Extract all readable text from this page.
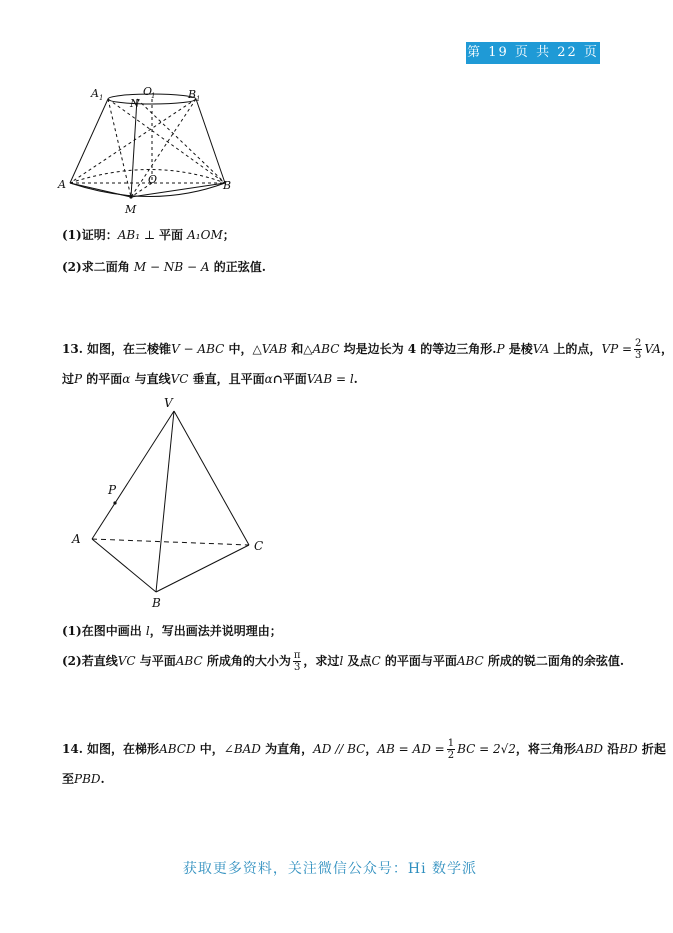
第 19 页 共 22 页
A 1	O
1	B 1
N
A	B
O
M
(1)证明：AB₁ ⊥ 平面 A₁OM；
(2)求二面角 M − NB − A 的正弦值.
13. 如图，在三棱锥V − ABC 中，△VAB 和△ABC 均是边长为 4 的等边三角形.P 是棱VA 上的点，VP = $\frac{2}{3}$ VA，
过P 的平面α 与直线VC 垂直，且平面α∩平面VAB = l.
V
P
A
B
C
(1)在图中画出 l，写出画法并说明理由；
(2)若直线VC 与平面ABC 所成角的大小为 $\frac{\pi}{3}$ ，求过l 及点C 的平面与平面ABC 所成的锐二面角的余弦值.
14. 如图，在梯形ABCD 中，∠BAD 为直角，AD // BC，AB = AD = $\frac{1}{2}$ BC = 2√2，将三角形ABD 沿BD 折起
至PBD.
获取更多资料，关注微信公众号：Hi 数学派
